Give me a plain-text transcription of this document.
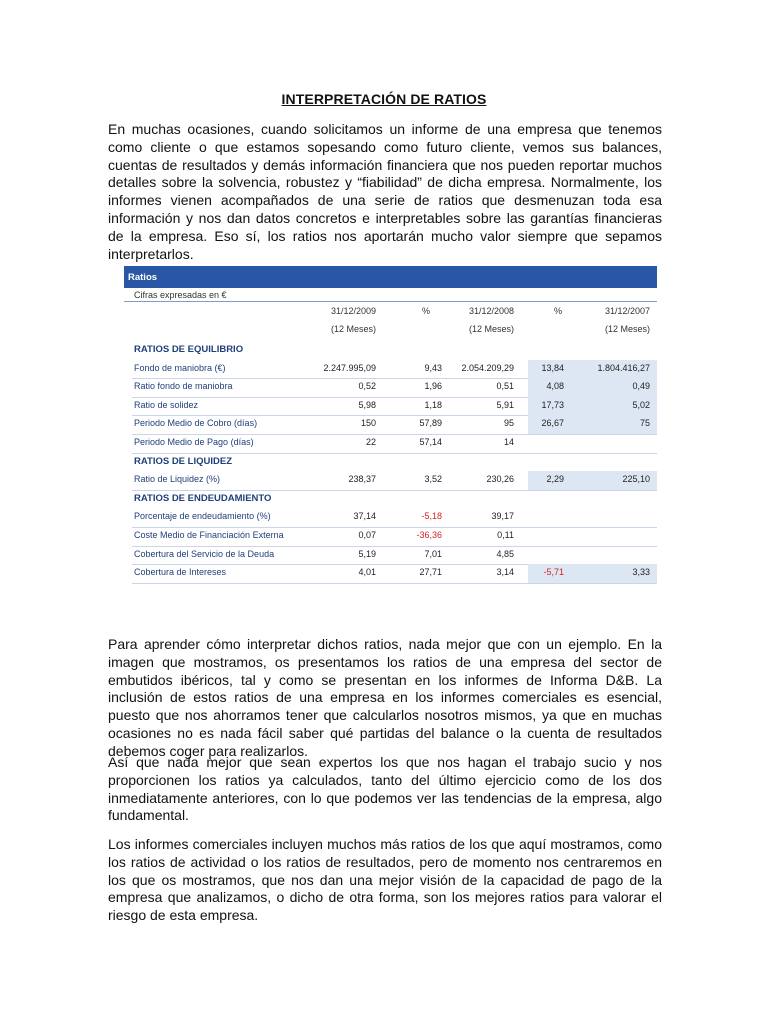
INTERPRETACIÓN DE RATIOS

En muchas ocasiones, cuando solicitamos un informe de una empresa que tenemos como cliente o que estamos sopesando como futuro cliente, vemos sus balances, cuentas de resultados y demás información financiera que nos pueden reportar muchos detalles sobre la solvencia, robustez y “fiabilidad” de dicha empresa. Normalmente, los informes vienen acompañados de una serie de ratios que desmenuzan toda esa información y nos dan datos concretos e interpretables sobre las garantías financieras de la empresa. Eso sí, los ratios nos aportarán mucho valor siempre que sepamos interpretarlos.

Ratios
Cifras expresadas en €
31/12/2009
(12 Meses)
%	31/12/2008
(12 Meses)
%	31/12/2007
(12 Meses)
RATIOS DE EQUILIBRIO
Fondo de maniobra (€)	2.247.995,09	9,43	2.054.209,29	13,84	1.804.416,27
Ratio fondo de maniobra	0,52	1,96	0,51	4,08	0,49
Ratio de solidez	5,98	1,18	5,91	17,73	5,02
Periodo Medio de Cobro (días)	150	57,89	95	26,67	75
Periodo Medio de Pago (días)	22	57,14	14
RATIOS DE LIQUIDEZ
Ratio de Liquidez (%)	238,37	3,52	230,26	2,29	225,10
RATIOS DE ENDEUDAMIENTO
Porcentaje de endeudamiento (%)	37,14	-5,18	39,17
Coste Medio de Financiación Externa	0,07	-36,36	0,11
Cobertura del Servicio de la Deuda	5,19	7,01	4,85
Cobertura de Intereses	4,01	27,71	3,14	-5,71	3,33

Para aprender cómo interpretar dichos ratios, nada mejor que con un ejemplo. En la imagen que mostramos, os presentamos los ratios de una empresa del sector de embutidos ibéricos, tal y como se presentan en los informes de Informa D&B. La inclusión de estos ratios de una empresa en los informes comerciales es esencial, puesto que nos ahorramos tener que calcularlos nosotros mismos, ya que en muchas ocasiones no es nada fácil saber qué partidas del balance o la cuenta de resultados debemos coger para realizarlos.

Así que nada mejor que sean expertos los que nos hagan el trabajo sucio y nos proporcionen los ratios ya calculados, tanto del último ejercicio como de los dos inmediatamente anteriores, con lo que podemos ver las tendencias de la empresa, algo fundamental.

Los informes comerciales incluyen muchos más ratios de los que aquí mostramos, como los ratios de actividad o los ratios de resultados, pero de momento nos centraremos en los que os mostramos, que nos dan una mejor visión de la capacidad de pago de la empresa que analizamos, o dicho de otra forma, son los mejores ratios para valorar el riesgo de esta empresa.
